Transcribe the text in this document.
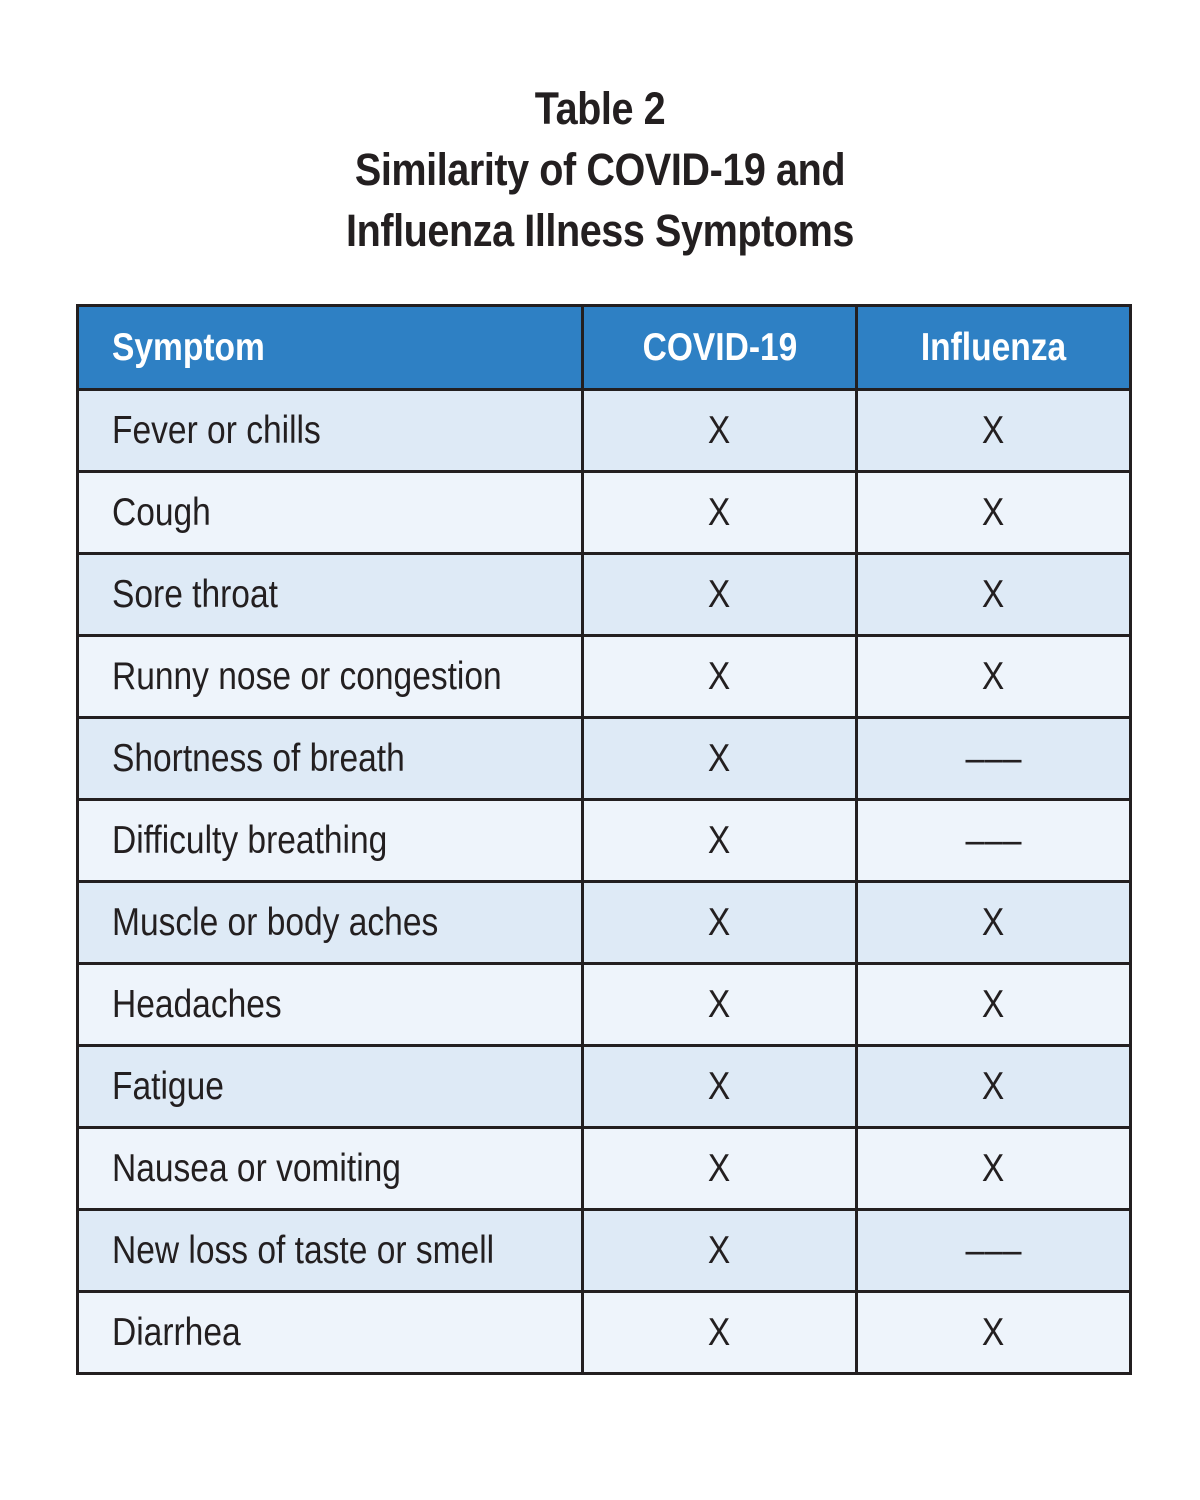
Table 2
Similarity of COVID-19 and
Influenza Illness Symptoms
Symptom	COVID-19	Influenza
Fever or chills	X	X
Cough	X	X
Sore throat	X	X
Runny nose or congestion	X	X
Shortness of breath	X	–––
Difficulty breathing	X	–––
Muscle or body aches	X	X
Headaches	X	X
Fatigue	X	X
Nausea or vomiting	X	X
New loss of taste or smell	X	–––
Diarrhea	X	X
